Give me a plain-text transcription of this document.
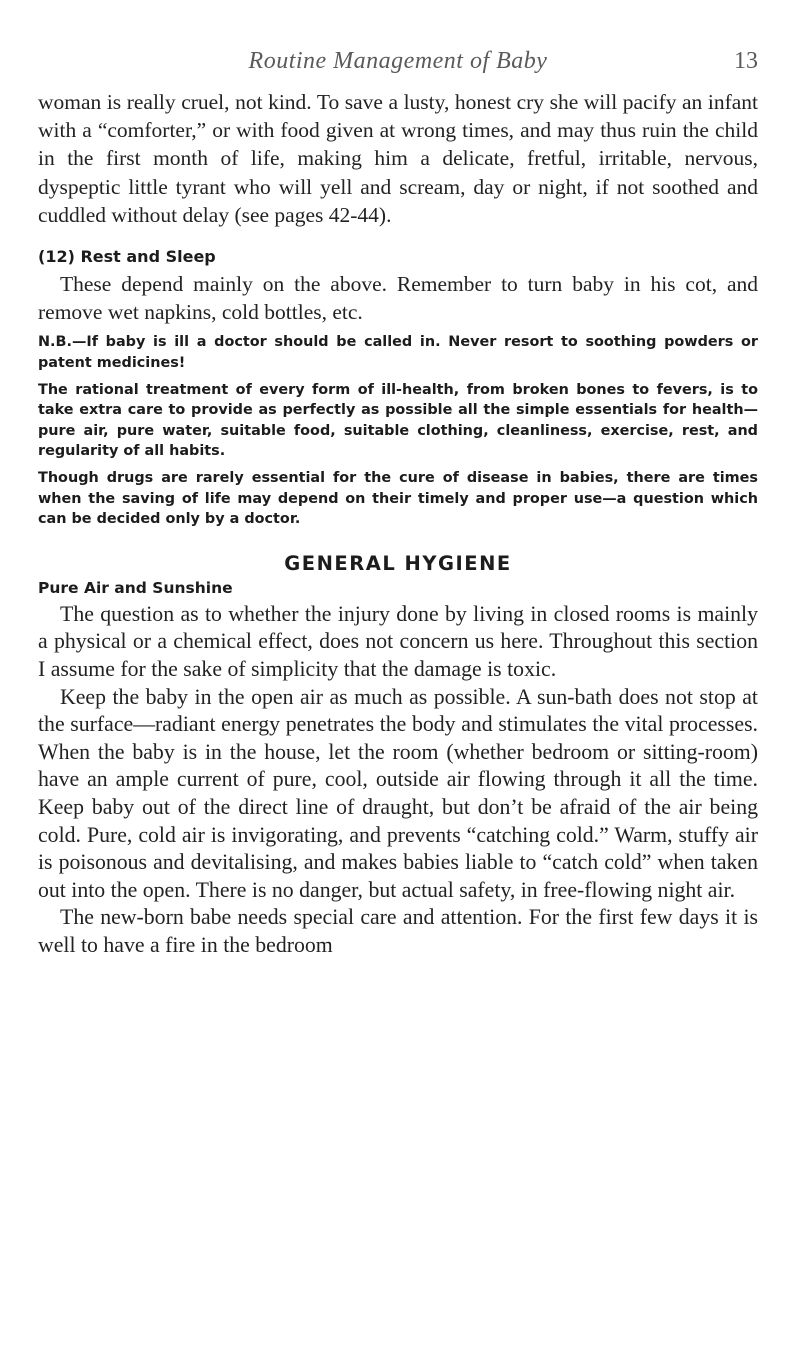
Routine Management of Baby	13

woman is really cruel, not kind. To save a lusty, honest cry she will pacify an infant with a “comforter,” or with food given at wrong times, and may thus ruin the child in the first month of life, making him a delicate, fretful, irritable, nervous, dyspeptic little tyrant who will yell and scream, day or night, if not soothed and cuddled without delay (see pages 42-44).

(12) Rest and Sleep

These depend mainly on the above. Remember to turn baby in his cot, and remove wet napkins, cold bottles, etc.

N.B.—If baby is ill a doctor should be called in. Never resort to soothing powders or patent medicines!

The rational treatment of every form of ill-health, from broken bones to fevers, is to take extra care to provide as perfectly as possible all the simple essentials for health—pure air, pure water, suitable food, suitable clothing, cleanliness, exercise, rest, and regularity of all habits.

Though drugs are rarely essential for the cure of disease in babies, there are times when the saving of life may depend on their timely and proper use—a question which can be decided only by a doctor.

GENERAL HYGIENE
Pure Air and Sunshine

The question as to whether the injury done by living in closed rooms is mainly a physical or a chemical effect, does not concern us here. Throughout this section I assume for the sake of simplicity that the damage is toxic.

Keep the baby in the open air as much as possible. A sun-bath does not stop at the surface—radiant energy penetrates the body and stimulates the vital processes. When the baby is in the house, let the room (whether bedroom or sitting-room) have an ample current of pure, cool, outside air flowing through it all the time. Keep baby out of the direct line of draught, but don’t be afraid of the air being cold. Pure, cold air is invigorating, and prevents “catching cold.” Warm, stuffy air is poisonous and devitalising, and makes babies liable to “catch cold” when taken out into the open. There is no danger, but actual safety, in free-flowing night air.

The new-born babe needs special care and attention. For the first few days it is well to have a fire in the bedroom
